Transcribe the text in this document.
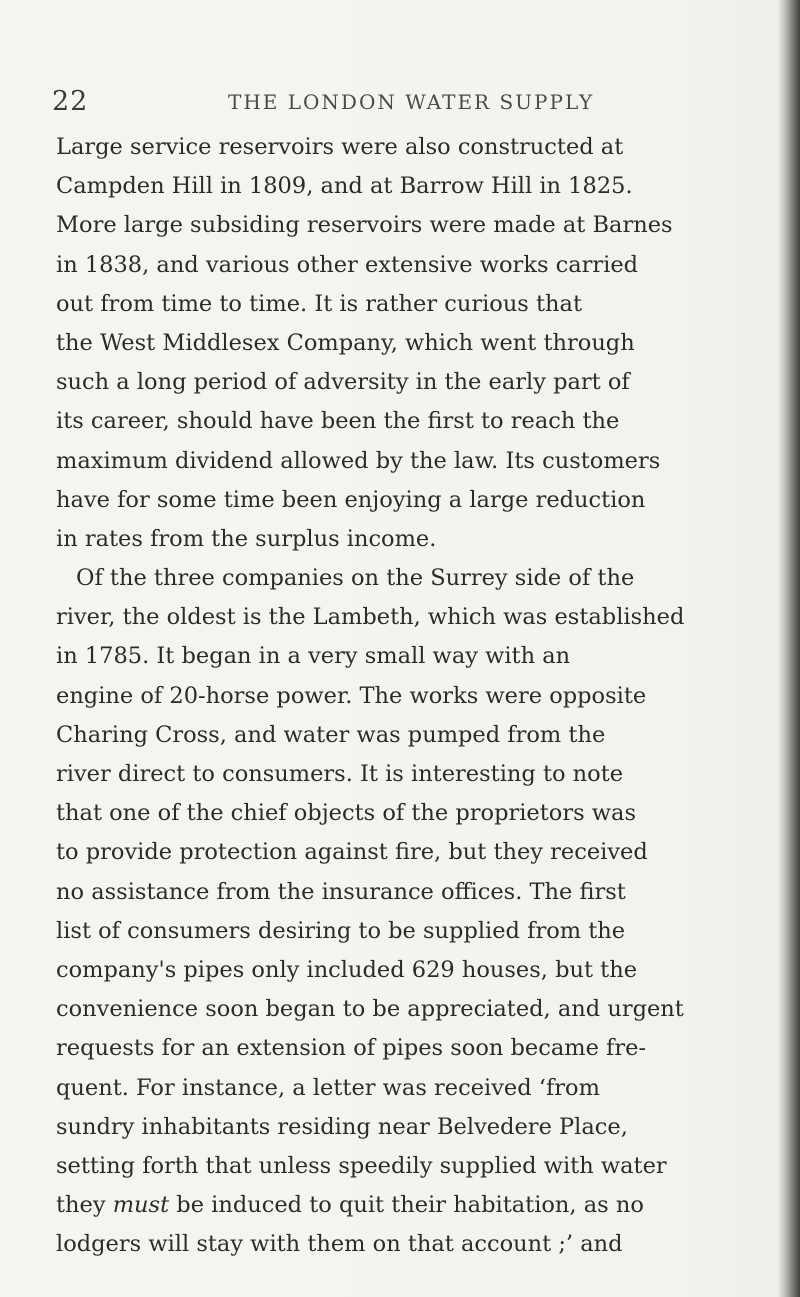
22	THE LONDON WATER SUPPLY
Large service reservoirs were also constructed at
Campden Hill in 1809, and at Barrow Hill in 1825.
More large subsiding reservoirs were made at Barnes
in 1838, and various other extensive works carried
out from time to time. It is rather curious that
the West Middlesex Company, which went through
such a long period of adversity in the early part of
its career, should have been the first to reach the
maximum dividend allowed by the law. Its customers
have for some time been enjoying a large reduction
in rates from the surplus income.
Of the three companies on the Surrey side of the
river, the oldest is the Lambeth, which was established
in 1785. It began in a very small way with an
engine of 20-horse power. The works were opposite
Charing Cross, and water was pumped from the
river direct to consumers. It is interesting to note
that one of the chief objects of the proprietors was
to provide protection against fire, but they received
no assistance from the insurance offices. The first
list of consumers desiring to be supplied from the
company's pipes only included 629 houses, but the
convenience soon began to be appreciated, and urgent
requests for an extension of pipes soon became fre-
quent. For instance, a letter was received ‘from
sundry inhabitants residing near Belvedere Place,
setting forth that unless speedily supplied with water
they must be induced to quit their habitation, as no
lodgers will stay with them on that account ;’ and
